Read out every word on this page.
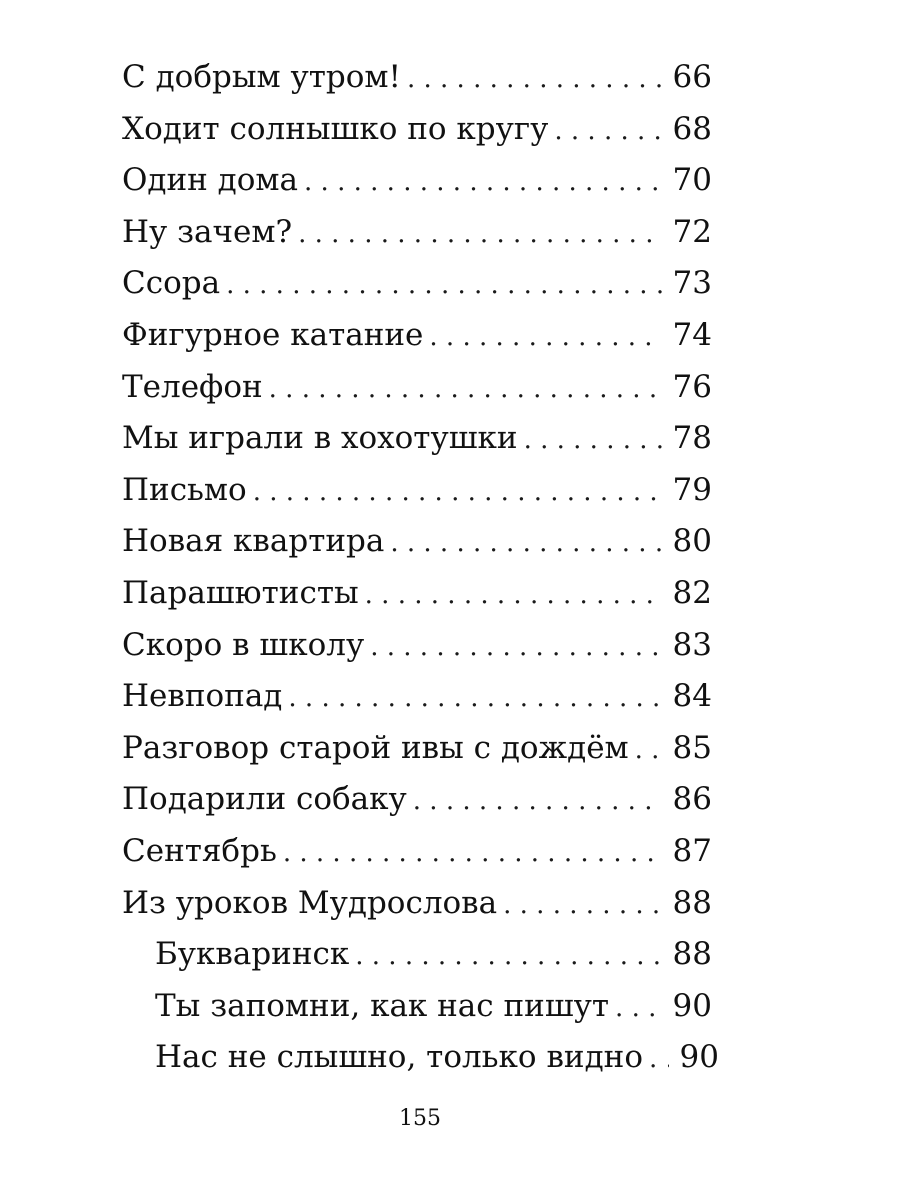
С добрым утром! . . .	66
Ходит солнышко по кругу . . .	68
Один дома . . .	70
Ну зачем? . . .	72
Ссора . . .	73
Фигурное катание . . .	74
Телефон . . .	76
Мы играли в хохотушки . . .	78
Письмо . . .	79
Новая квартира . . .	80
Парашютисты . . .	82
Скоро в школу . . .	83
Невпопад . . .	84
Разговор старой ивы с дождём . . . 85
Подарили собаку . . .	86
Сентябрь . . .	87
Из уроков Мудрослова . . .	88
Букваринск . . .	88
Ты запомни, как нас пишут . . . 90
Нас не слышно, только видно . . . 90
155
